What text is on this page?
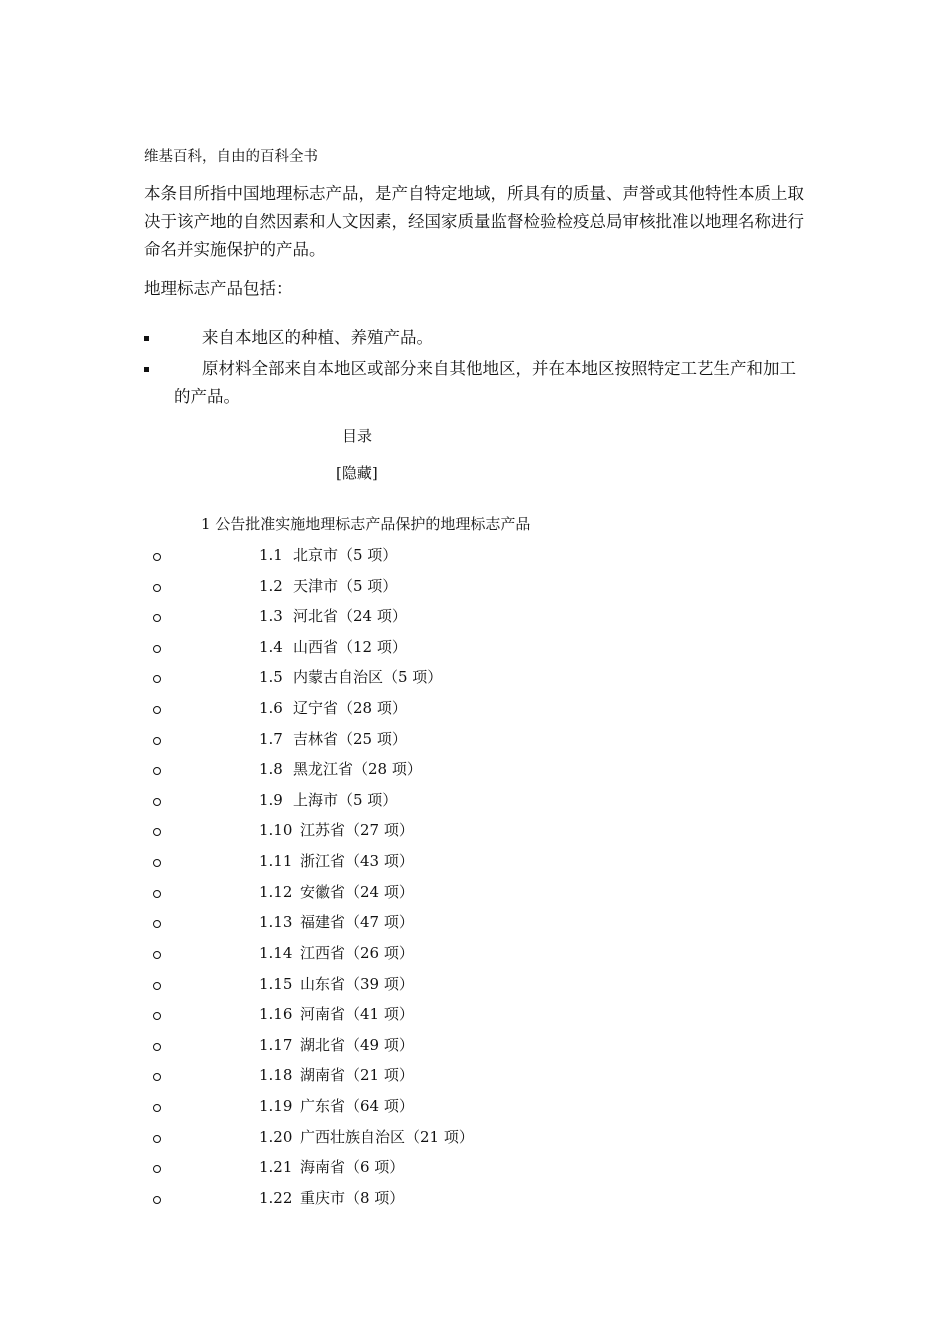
维基百科，自由的百科全书
本条目所指中国地理标志产品，是产自特定地域，所具有的质量、声誉或其他特性本质上取决于该产地的自然因素和人文因素，经国家质量监督检验检疫总局审核批准以地理名称进行命名并实施保护的产品。
地理标志产品包括：
来自本地区的种植、养殖产品。
原材料全部来自本地区或部分来自其他地区，并在本地区按照特定工艺生产和加工的产品。
目录
[隐藏]
1 公告批准实施地理标志产品保护的地理标志产品
1.1 北京市（5 项）
1.2 天津市（5 项）
1.3 河北省（24 项）
1.4 山西省（12 项）
1.5 内蒙古自治区（5 项）
1.6 辽宁省（28 项）
1.7 吉林省（25 项）
1.8 黑龙江省（28 项）
1.9 上海市（5 项）
1.10 江苏省（27 项）
1.11 浙江省（43 项）
1.12 安徽省（24 项）
1.13 福建省（47 项）
1.14 江西省（26 项）
1.15 山东省（39 项）
1.16 河南省（41 项）
1.17 湖北省（49 项）
1.18 湖南省（21 项）
1.19 广东省（64 项）
1.20 广西壮族自治区（21 项）
1.21 海南省（6 项）
1.22 重庆市（8 项）
